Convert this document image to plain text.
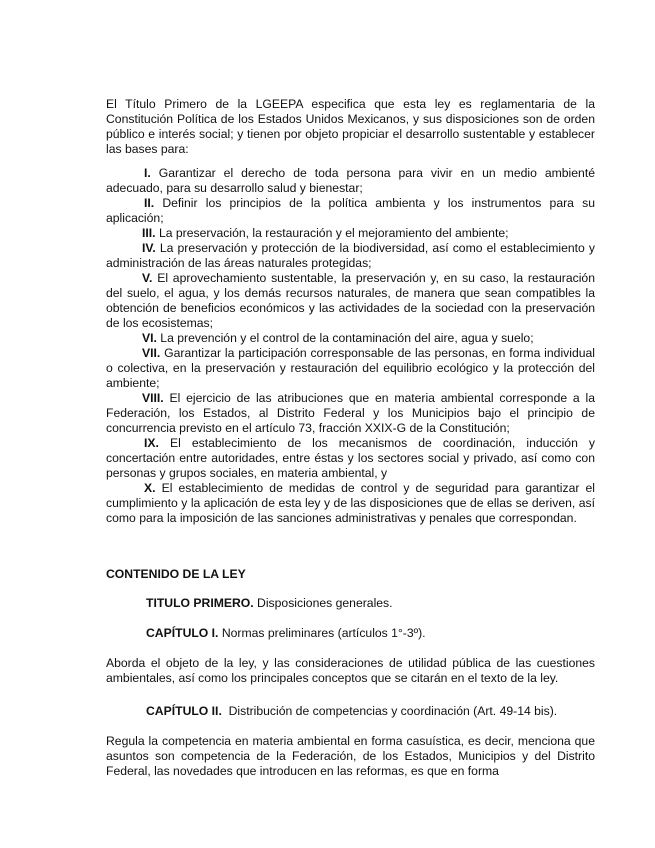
El Título Primero de la LGEEPA especifica que esta ley es reglamentaria de la Constitución Política de los Estados Unidos Mexicanos, y sus disposiciones son de orden público e interés social; y tienen por objeto propiciar el desarrollo sustentable y establecer las bases para:

I. Garantizar el derecho de toda persona para vivir en un medio ambienté adecuado, para su desarrollo salud y bienestar;
II. Definir los principios de la política ambienta y los instrumentos para su aplicación;
III. La preservación, la restauración y el mejoramiento del ambiente;
IV. La preservación y protección de la biodiversidad, así como el establecimiento y administración de las áreas naturales protegidas;
V. El aprovechamiento sustentable, la preservación y, en su caso, la restauración del suelo, el agua, y los demás recursos naturales, de manera que sean compatibles la obtención de beneficios económicos y las actividades de la sociedad con la preservación de los ecosistemas;
VI. La prevención y el control de la contaminación del aire, agua y suelo;
VII. Garantizar la participación corresponsable de las personas, en forma individual o colectiva, en la preservación y restauración del equilibrio ecológico y la protección del ambiente;
VIII. El ejercicio de las atribuciones que en materia ambiental corresponde a la Federación, los Estados, al Distrito Federal y los Municipios bajo el principio de concurrencia previsto en el artículo 73, fracción XXIX-G de la Constitución;
IX. El establecimiento de los mecanismos de coordinación, inducción y concertación entre autoridades, entre éstas y los sectores social y privado, así como con personas y grupos sociales, en materia ambiental, y
X. El establecimiento de medidas de control y de seguridad para garantizar el cumplimiento y la aplicación de esta ley y de las disposiciones que de ellas se deriven, así como para la imposición de las sanciones administrativas y penales que correspondan.

CONTENIDO DE LA LEY

TITULO PRIMERO. Disposiciones generales.

CAPÍTULO I. Normas preliminares (artículos 1°-3º).

Aborda el objeto de la ley, y las consideraciones de utilidad pública de las cuestiones ambientales, así como los principales conceptos que se citarán en el texto de la ley.

CAPÍTULO II. Distribución de competencias y coordinación (Art. 49-14 bis).

Regula la competencia en materia ambiental en forma casuística, es decir, menciona que asuntos son competencia de la Federación, de los Estados, Municipios y del Distrito Federal, las novedades que introducen en las reformas, es que en forma
